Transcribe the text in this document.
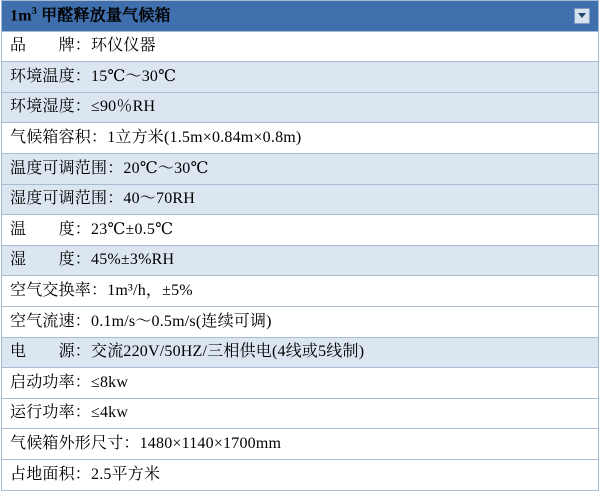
$1m^3$ 甲醛释放量气候箱

品　　牌：环仪仪器
环境温度：15℃～30℃
环境湿度：≤90％RH
气候箱容积：1立方米(1.5m×0.84m×0.8m)
温度可调范围：20℃～30℃
湿度可调范围：40～70RH
温　　度：23℃±0.5℃
湿　　度：45%±3%RH
空气交换率：1m³/h，±5%
空气流速：0.1m/s～0.5m/s(连续可调)
电　　源：交流220V/50HZ/三相供电(4线或5线制)
启动功率：≤8kw
运行功率：≤4kw
气候箱外形尺寸：1480×1140×1700mm
占地面积：2.5平方米
